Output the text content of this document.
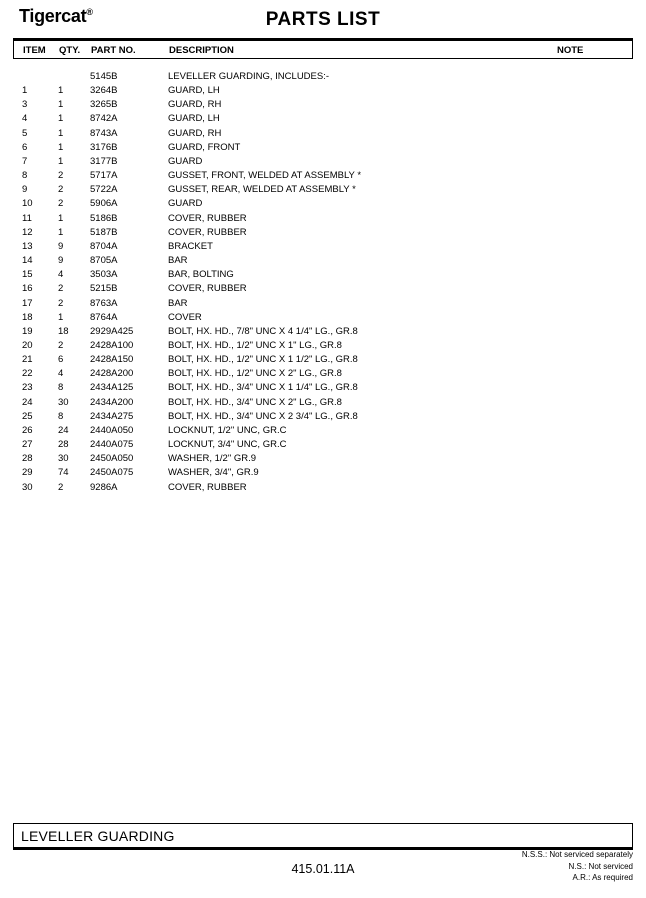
Tigercat®	PARTS LIST
ITEM QTY. PART NO.	DESCRIPTION	NOTE
5145B	LEVELLER GUARDING, INCLUDES:-
1	1	3264B	GUARD, LH
3	1	3265B	GUARD, RH
4	1	8742A	GUARD, LH
5	1	8743A	GUARD, RH
6	1	3176B	GUARD, FRONT
7	1	3177B	GUARD
8	2	5717A	GUSSET, FRONT, WELDED AT ASSEMBLY *
9	2	5722A	GUSSET, REAR, WELDED AT ASSEMBLY *
10	2	5906A	GUARD
11	1	5186B	COVER, RUBBER
12	1	5187B	COVER, RUBBER
13	9	8704A	BRACKET
14	9	8705A	BAR
15	4	3503A	BAR, BOLTING
16	2	5215B	COVER, RUBBER
17	2	8763A	BAR
18	1	8764A	COVER
19	18 2929A425	BOLT, HX. HD., 7/8" UNC X 4 1/4" LG., GR.8
20	2	2428A100	BOLT, HX. HD., 1/2" UNC X 1" LG., GR.8
21	6	2428A150	BOLT, HX. HD., 1/2" UNC X 1 1/2" LG., GR.8
22	4	2428A200	BOLT, HX. HD., 1/2" UNC X 2" LG., GR.8
23	8	2434A125	BOLT, HX. HD., 3/4" UNC X 1 1/4" LG., GR.8
24	30 2434A200	BOLT, HX. HD., 3/4" UNC X 2" LG., GR.8
25	8	2434A275	BOLT, HX. HD., 3/4" UNC X 2 3/4" LG., GR.8
26	24 2440A050	LOCKNUT, 1/2" UNC, GR.C
27	28 2440A075	LOCKNUT, 3/4" UNC, GR.C
28	30 2450A050	WASHER, 1/2" GR.9
29	74 2450A075	WASHER, 3/4", GR.9
30	2	9286A	COVER, RUBBER
LEVELLER GUARDING
N.S.S.: Not serviced separately
N.S.: Not serviced
A.R.: As required
415.01.11A
